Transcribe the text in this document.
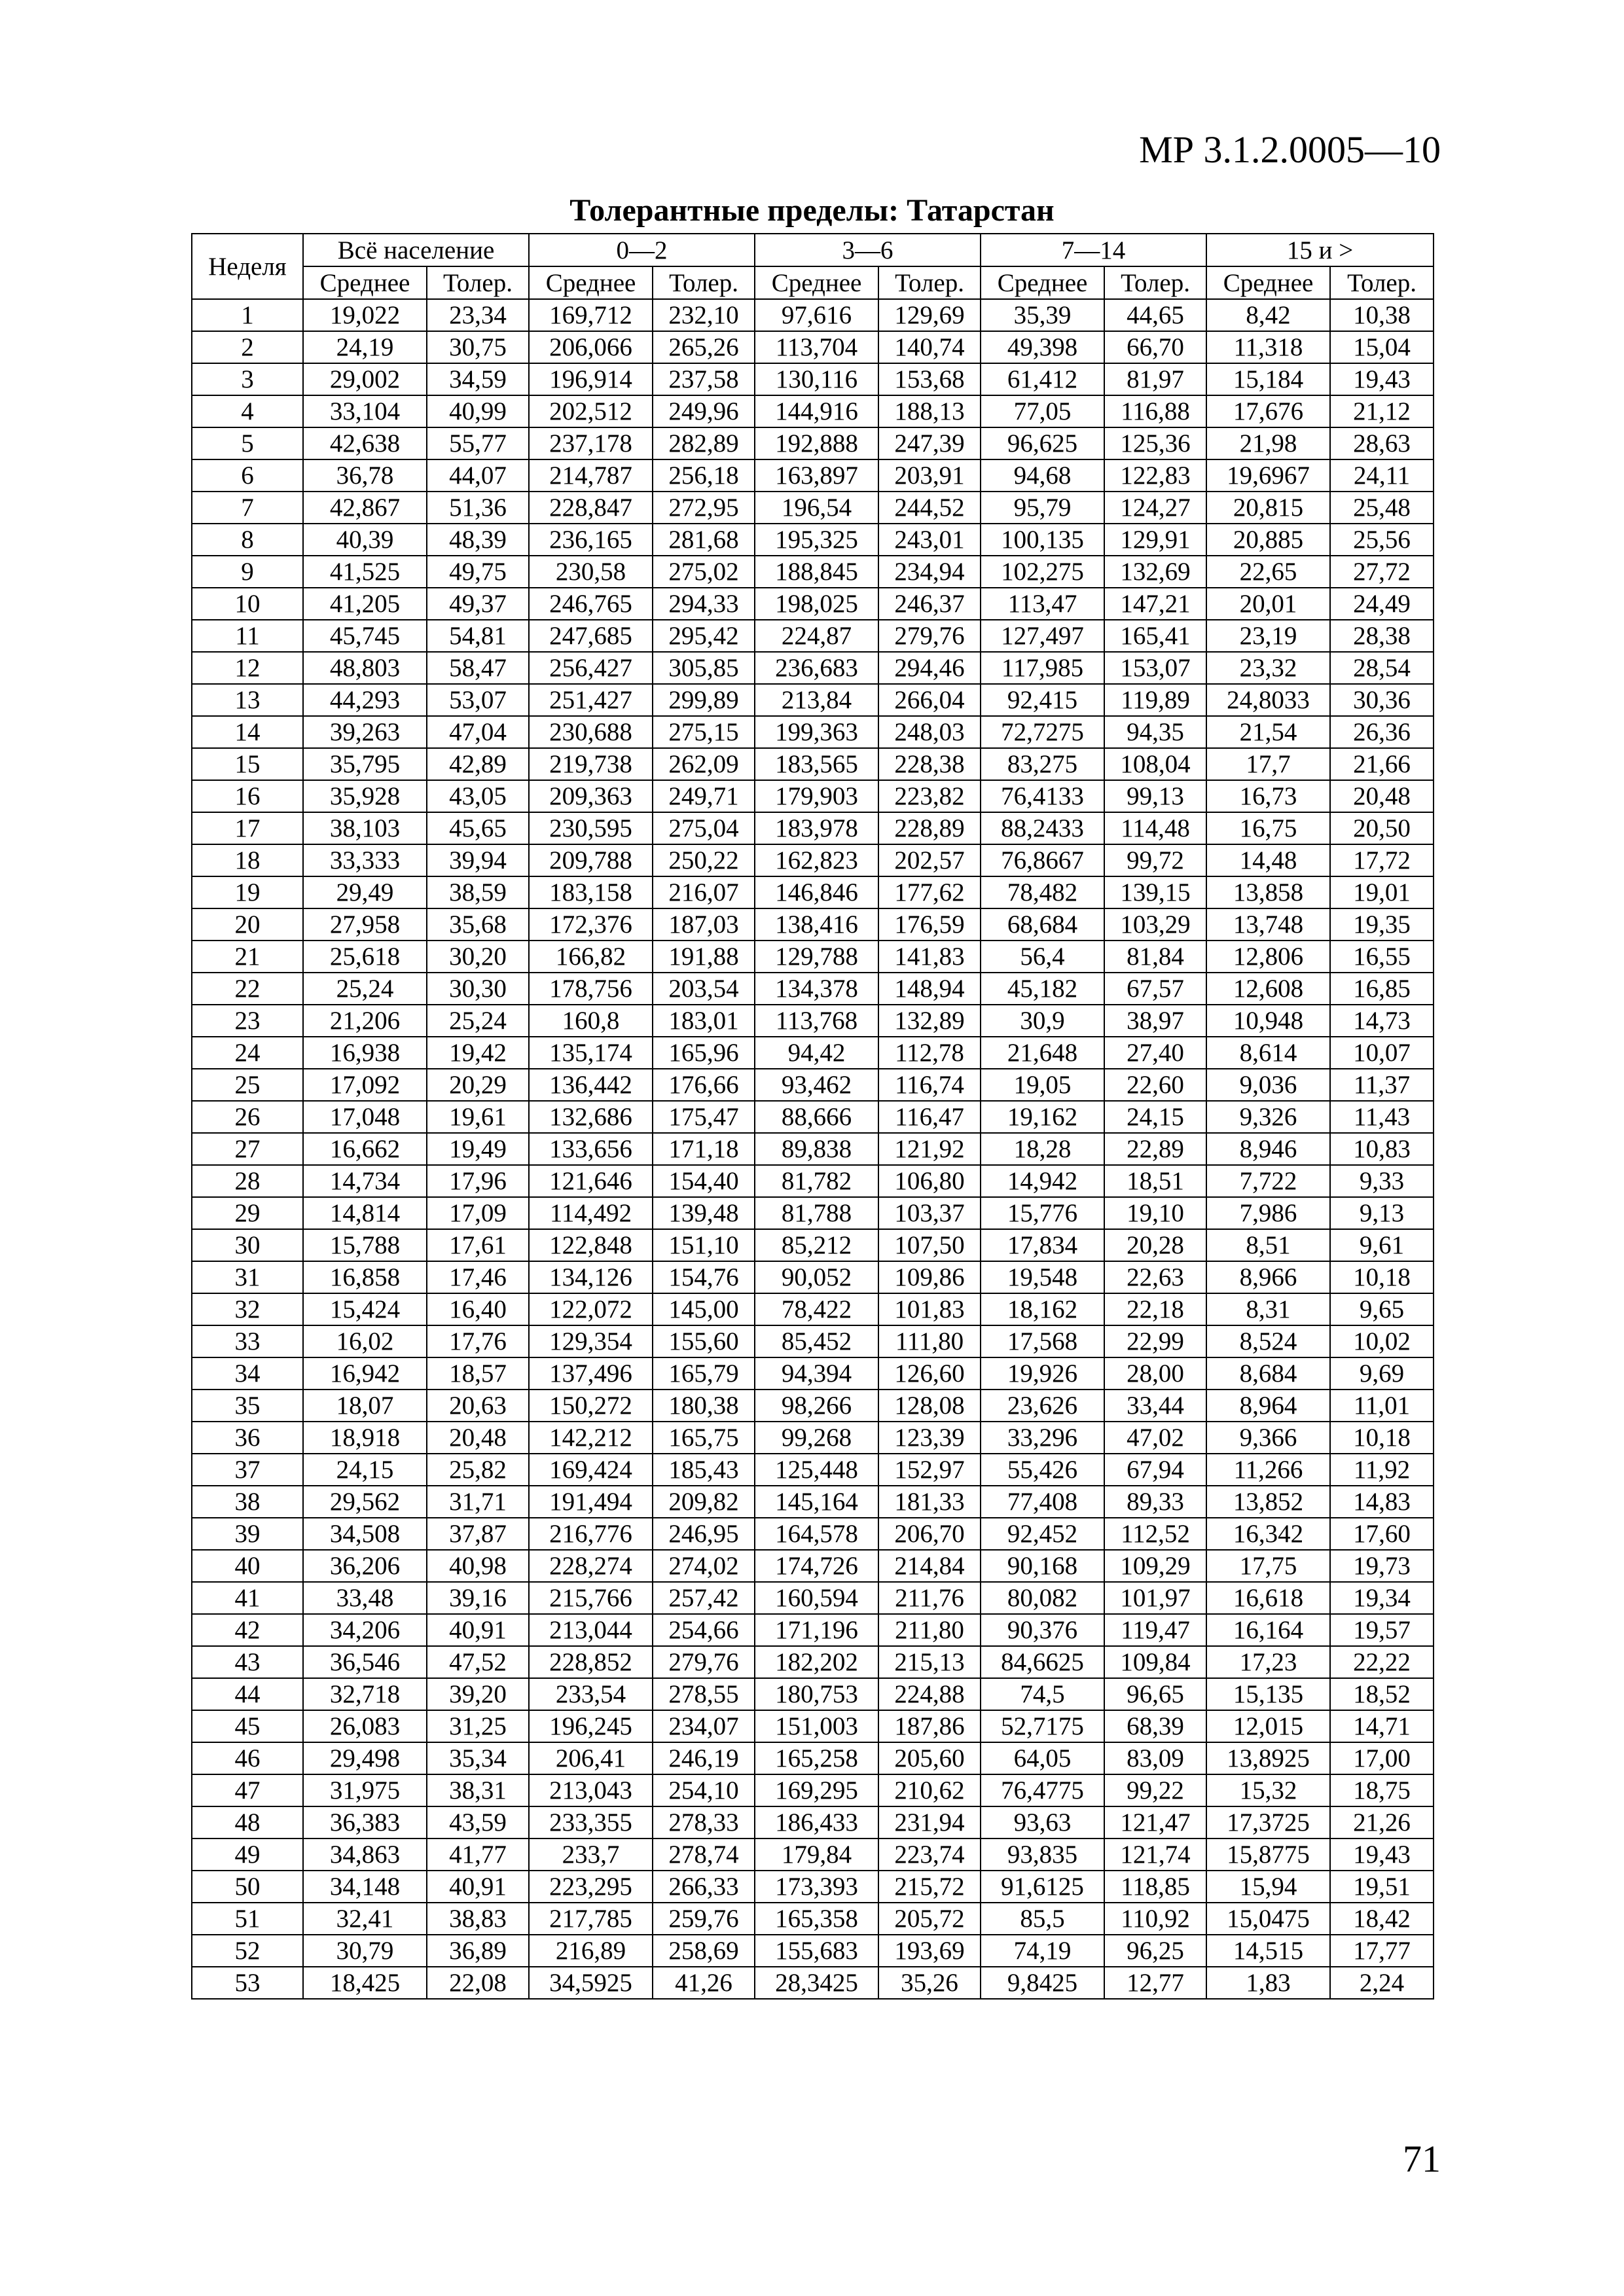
МР 3.1.2.0005—10
Толерантные пределы: Татарстан
Неделя	Всё население		0—2		3—6		7—14		15 и >	
	Среднее	Толер.	Среднее	Толер.	Среднее	Толер.	Среднее	Толер.	Среднее	Толер.
1	19,022	23,34	169,712	232,10	97,616	129,69	35,39	44,65	8,42	10,38
2	24,19	30,75	206,066	265,26	113,704	140,74	49,398	66,70	11,318	15,04
3	29,002	34,59	196,914	237,58	130,116	153,68	61,412	81,97	15,184	19,43
4	33,104	40,99	202,512	249,96	144,916	188,13	77,05	116,88	17,676	21,12
5	42,638	55,77	237,178	282,89	192,888	247,39	96,625	125,36	21,98	28,63
6	36,78	44,07	214,787	256,18	163,897	203,91	94,68	122,83	19,6967	24,11
7	42,867	51,36	228,847	272,95	196,54	244,52	95,79	124,27	20,815	25,48
8	40,39	48,39	236,165	281,68	195,325	243,01	100,135	129,91	20,885	25,56
9	41,525	49,75	230,58	275,02	188,845	234,94	102,275	132,69	22,65	27,72
10	41,205	49,37	246,765	294,33	198,025	246,37	113,47	147,21	20,01	24,49
11	45,745	54,81	247,685	295,42	224,87	279,76	127,497	165,41	23,19	28,38
12	48,803	58,47	256,427	305,85	236,683	294,46	117,985	153,07	23,32	28,54
13	44,293	53,07	251,427	299,89	213,84	266,04	92,415	119,89	24,8033	30,36
14	39,263	47,04	230,688	275,15	199,363	248,03	72,7275	94,35	21,54	26,36
15	35,795	42,89	219,738	262,09	183,565	228,38	83,275	108,04	17,7	21,66
16	35,928	43,05	209,363	249,71	179,903	223,82	76,4133	99,13	16,73	20,48
17	38,103	45,65	230,595	275,04	183,978	228,89	88,2433	114,48	16,75	20,50
18	33,333	39,94	209,788	250,22	162,823	202,57	76,8667	99,72	14,48	17,72
19	29,49	38,59	183,158	216,07	146,846	177,62	78,482	139,15	13,858	19,01
20	27,958	35,68	172,376	187,03	138,416	176,59	68,684	103,29	13,748	19,35
21	25,618	30,20	166,82	191,88	129,788	141,83	56,4	81,84	12,806	16,55
22	25,24	30,30	178,756	203,54	134,378	148,94	45,182	67,57	12,608	16,85
23	21,206	25,24	160,8	183,01	113,768	132,89	30,9	38,97	10,948	14,73
24	16,938	19,42	135,174	165,96	94,42	112,78	21,648	27,40	8,614	10,07
25	17,092	20,29	136,442	176,66	93,462	116,74	19,05	22,60	9,036	11,37
26	17,048	19,61	132,686	175,47	88,666	116,47	19,162	24,15	9,326	11,43
27	16,662	19,49	133,656	171,18	89,838	121,92	18,28	22,89	8,946	10,83
28	14,734	17,96	121,646	154,40	81,782	106,80	14,942	18,51	7,722	9,33
29	14,814	17,09	114,492	139,48	81,788	103,37	15,776	19,10	7,986	9,13
30	15,788	17,61	122,848	151,10	85,212	107,50	17,834	20,28	8,51	9,61
31	16,858	17,46	134,126	154,76	90,052	109,86	19,548	22,63	8,966	10,18
32	15,424	16,40	122,072	145,00	78,422	101,83	18,162	22,18	8,31	9,65
33	16,02	17,76	129,354	155,60	85,452	111,80	17,568	22,99	8,524	10,02
34	16,942	18,57	137,496	165,79	94,394	126,60	19,926	28,00	8,684	9,69
35	18,07	20,63	150,272	180,38	98,266	128,08	23,626	33,44	8,964	11,01
36	18,918	20,48	142,212	165,75	99,268	123,39	33,296	47,02	9,366	10,18
37	24,15	25,82	169,424	185,43	125,448	152,97	55,426	67,94	11,266	11,92
38	29,562	31,71	191,494	209,82	145,164	181,33	77,408	89,33	13,852	14,83
39	34,508	37,87	216,776	246,95	164,578	206,70	92,452	112,52	16,342	17,60
40	36,206	40,98	228,274	274,02	174,726	214,84	90,168	109,29	17,75	19,73
41	33,48	39,16	215,766	257,42	160,594	211,76	80,082	101,97	16,618	19,34
42	34,206	40,91	213,044	254,66	171,196	211,80	90,376	119,47	16,164	19,57
43	36,546	47,52	228,852	279,76	182,202	215,13	84,6625	109,84	17,23	22,22
44	32,718	39,20	233,54	278,55	180,753	224,88	74,5	96,65	15,135	18,52
45	26,083	31,25	196,245	234,07	151,003	187,86	52,7175	68,39	12,015	14,71
46	29,498	35,34	206,41	246,19	165,258	205,60	64,05	83,09	13,8925	17,00
47	31,975	38,31	213,043	254,10	169,295	210,62	76,4775	99,22	15,32	18,75
48	36,383	43,59	233,355	278,33	186,433	231,94	93,63	121,47	17,3725	21,26
49	34,863	41,77	233,7	278,74	179,84	223,74	93,835	121,74	15,8775	19,43
50	34,148	40,91	223,295	266,33	173,393	215,72	91,6125	118,85	15,94	19,51
51	32,41	38,83	217,785	259,76	165,358	205,72	85,5	110,92	15,0475	18,42
52	30,79	36,89	216,89	258,69	155,683	193,69	74,19	96,25	14,515	17,77
53	18,425	22,08	34,5925	41,26	28,3425	35,26	9,8425	12,77	1,83	2,24
71
